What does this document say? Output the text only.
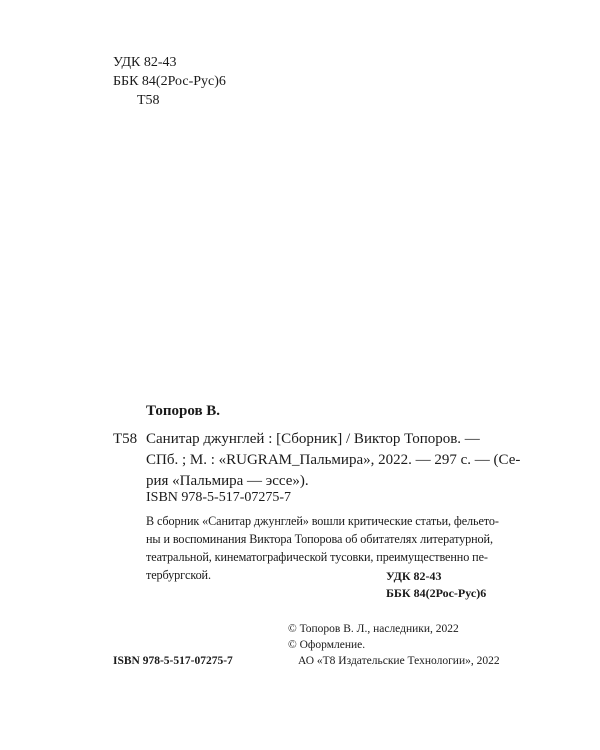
УДК 82-43
ББК 84(2Рос-Рус)6
Т58
Топоров В.
Т58 Санитар джунглей : [Сборник] / Виктор Топоров. —
СПб. ; М. : «RUGRAM_Пальмира», 2022. — 297 с. — (Се-
рия «Пальмира — эссе»).
ISBN 978-5-517-07275-7
В сборник «Санитар джунглей» вошли критические статьи, фельето-
ны и воспоминания Виктора Топорова об обитателях литературной,
театральной, кинематографической тусовки, преимущественно пе-
тербургской.	УДК 82-43
ББК 84(2Рос-Рус)6
© Топоров В. Л., наследники, 2022
© Оформление.
АО «Т8 Издательские Технологии», 2022
ISBN 978-5-517-07275-7
